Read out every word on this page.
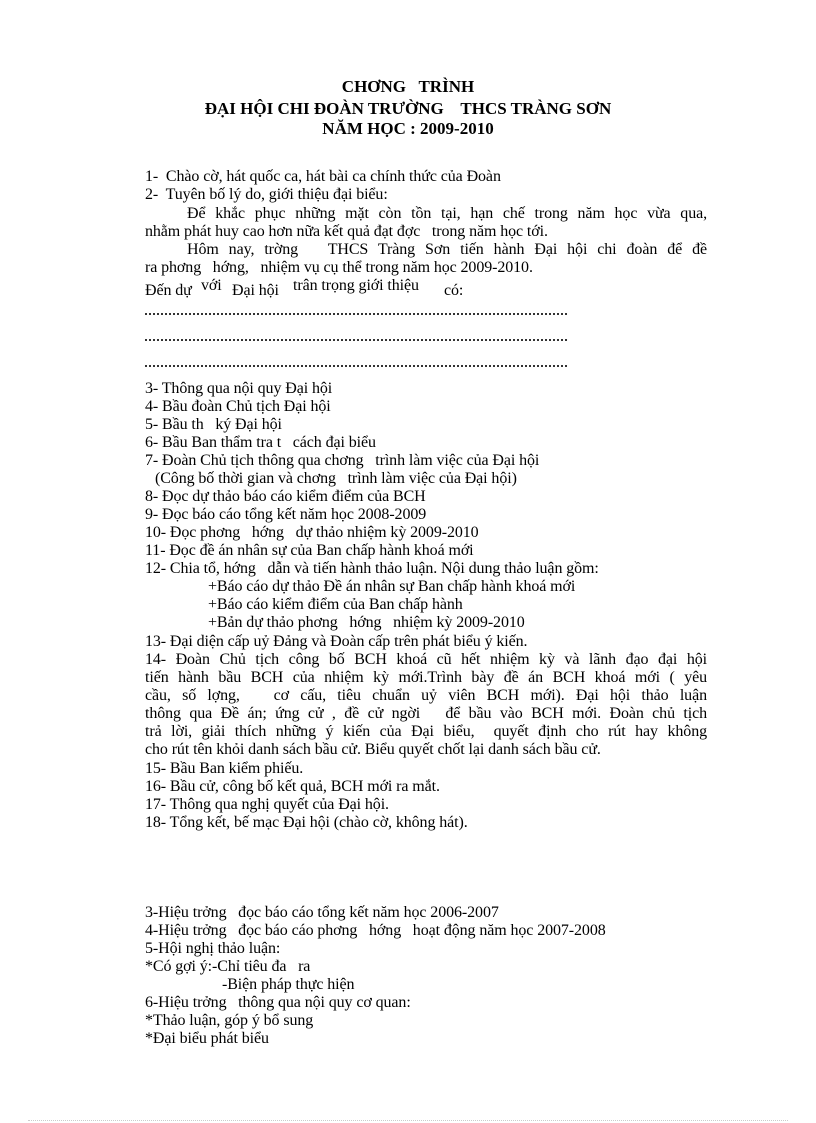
CHƠNG   TRÌNH
ĐẠI HỘI CHI ĐOÀN TRƯỜNG    THCS TRÀNG SƠN
NĂM HỌC : 2009-2010
1-  Chào cờ, hát quốc ca, hát bài ca chính thức của Đoàn
2-  Tuyên bố lý do, giới thiệu đại biểu:
Để khắc phục những mặt còn tồn tại, hạn chế trong năm học vừa qua,
nhằm phát huy cao hơn nữa kết quả đạt đợc   trong năm học tới.
Hôm nay, trờng   THCS Tràng Sơn tiến hành Đại hội chi đoàn để đề
ra phơng   hớng,   nhiệm vụ cụ thể trong năm học 2009-2010.
Đến dự với Đại hội trân trọng giới thiệu có:
3- Thông qua nội quy Đại hội
4- Bầu đoàn Chủ tịch Đại hội
5- Bầu th   ký Đại hội
6- Bầu Ban thẩm tra t   cách đại biểu
7- Đoàn Chủ tịch thông qua chơng   trình làm việc của Đại hội
(Công bố thời gian và chơng   trình làm việc của Đại hội)
8- Đọc dự thảo báo cáo kiểm điểm của BCH
9- Đọc báo cáo tổng kết năm học 2008-2009
10- Đọc phơng   hớng   dự thảo nhiệm kỳ 2009-2010
11- Đọc đề án nhân sự của Ban chấp hành khoá mới
12- Chia tổ, hớng   dẫn và tiến hành thảo luận. Nội dung thảo luận gồm:
+Báo cáo dự thảo Đề án nhân sự Ban chấp hành khoá mới
+Báo cáo kiểm điểm của Ban chấp hành
+Bản dự thảo phơng   hớng   nhiệm kỳ 2009-2010
13- Đại diện cấp uỷ Đảng và Đoàn cấp trên phát biểu ý kiến.
14- Đoàn Chủ tịch công bố BCH khoá cũ hết nhiệm kỳ và lãnh đạo đại hội
tiến hành bầu BCH của nhiệm kỳ mới.Trình bày đề án BCH khoá mới ( yêu
cầu, số lợng,   cơ cấu, tiêu chuẩn uỷ viên BCH mới). Đại hội thảo luận
thông qua Đề án; ứng cử , đề cử ngời   để bầu vào BCH mới. Đoàn chủ tịch
trả lời, giải thích những ý kiến của Đại biểu,  quyết định cho rút hay không
cho rút tên khỏi danh sách bầu cử. Biểu quyết chốt lại danh sách bầu cử.
15- Bầu Ban kiểm phiếu.
16- Bầu cử, công bố kết quả, BCH mới ra mắt.
17- Thông qua nghị quyết của Đại hội.
18- Tổng kết, bế mạc Đại hội (chào cờ, không hát).
3-Hiệu trởng   đọc báo cáo tổng kết năm học 2006-2007
4-Hiệu trởng   đọc báo cáo phơng   hớng   hoạt động năm học 2007-2008
5-Hội nghị thảo luận:
*Có gợi ý:-Chỉ tiêu đa   ra
-Biện pháp thực hiện
6-Hiệu trởng   thông qua nội quy cơ quan:
*Thảo luận, góp ý bổ sung
*Đại biểu phát biểu
